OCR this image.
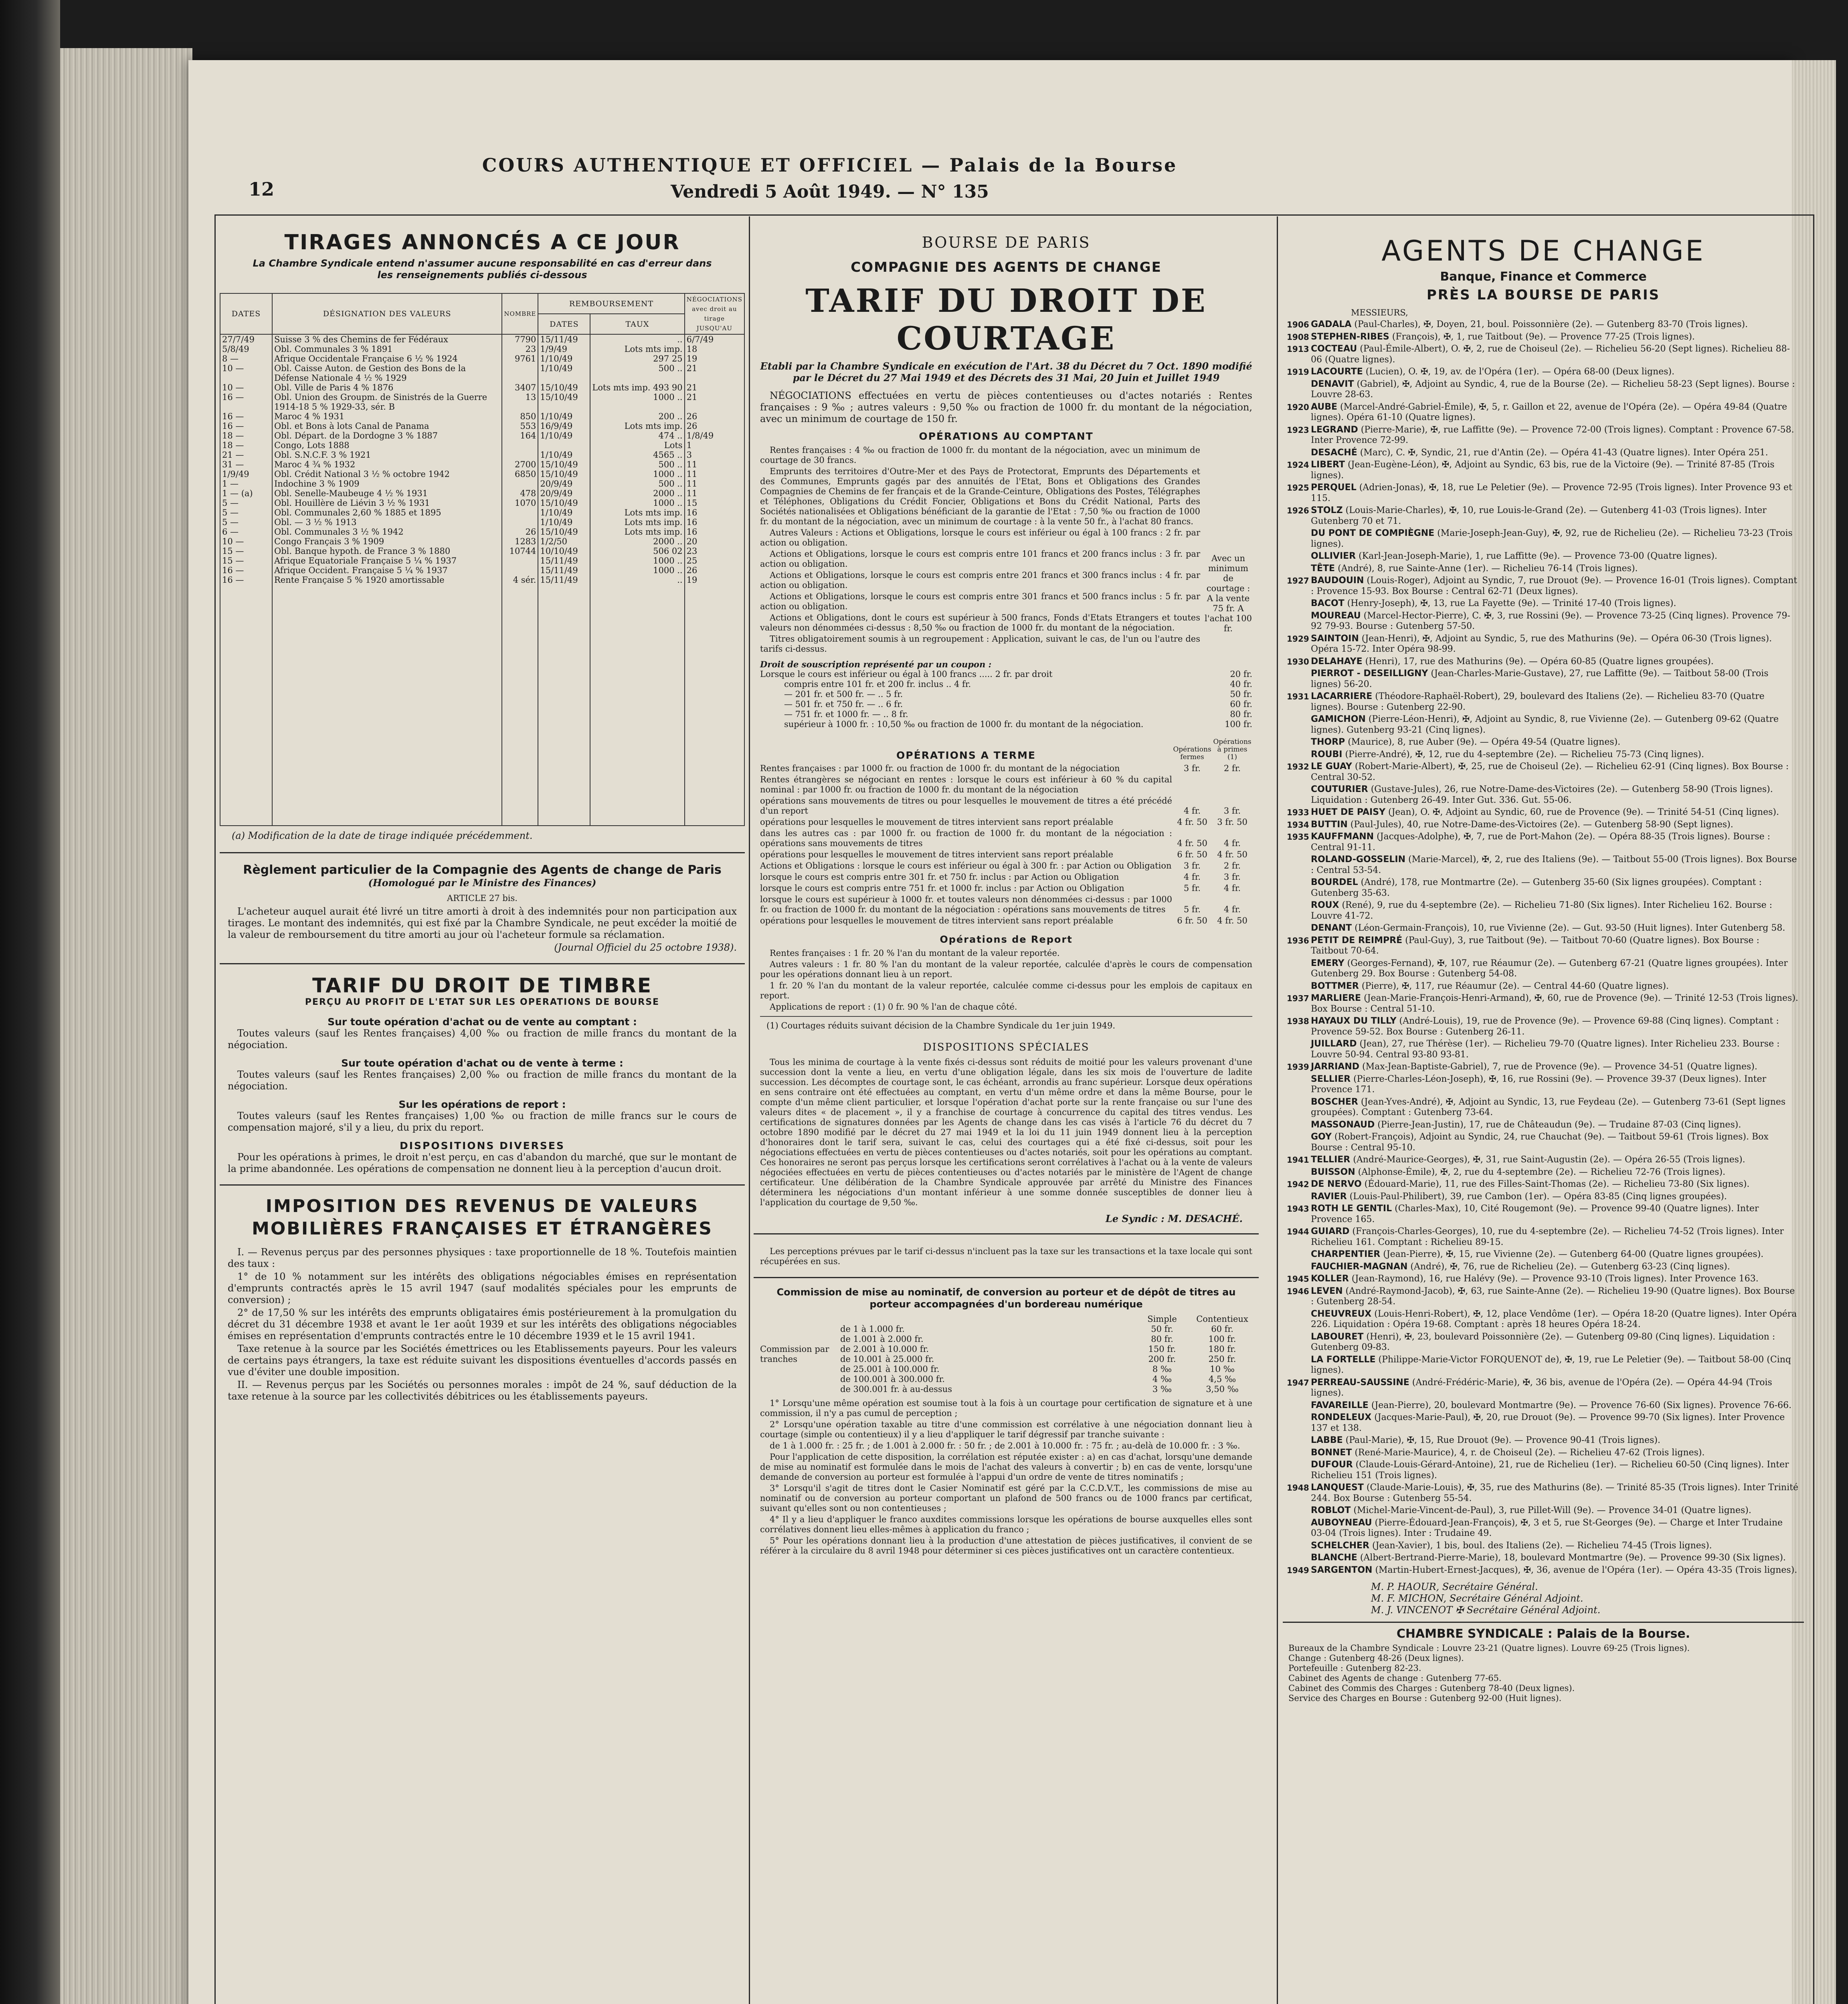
12
COURS AUTHENTIQUE ET OFFICIEL — Palais de la Bourse
Vendredi 5 Août 1949. — N° 135
TIRAGES ANNONCÉS A CE JOUR
La Chambre Syndicale entend n'assumer aucune responsabilité en cas d'erreur dans les renseignements publiés ci-dessous
DATES	DÉSIGNATION DES VALEURS	NOMBRE	REMBOURSEMENT		NÉGOCIATIONS avec droit au tirage JUSQU'AU
			DATES	TAUX	
27/7/49	Suisse 3 % des Chemins de fer Fédéraux	7790	15/11/49	..	6/7/49
5/8/49	Obl. Communales 3 % 1891	23	1/9/49	Lots mts imp.	18
8 —	Afrique Occidentale Française 6 ½ % 1924	9761	1/10/49	297 25	19
10 —	Obl. Caisse Auton. de Gestion des Bons de la Défense Nationale 4 ½ % 1929		1/10/49	500 ..	21
10 —	Obl. Ville de Paris 4 % 1876	3407	15/10/49	Lots mts imp. 493 90	21
16 —	Obl. Union des Groupm. de Sinistrés de la Guerre 1914-18 5 % 1929-33, sér. B	13	15/10/49	1000 ..	21
16 —	Maroc 4 % 1931	850	1/10/49	200 ..	26
16 —	Obl. et Bons à lots Canal de Panama	553	16/9/49	Lots mts imp.	26
18 —	Obl. Départ. de la Dordogne 3 % 1887	164	1/10/49	474 ..	1/8/49
18 —	Congo, Lots 1888			Lots	1
21 —	Obl. S.N.C.F. 3 % 1921		1/10/49	4565 ..	3
31 —	Maroc 4 ¾ % 1932	2700	15/10/49	500 ..	11
1/9/49	Obl. Crédit National 3 ½ % octobre 1942	6850	15/10/49	1000 ..	11
1 —	Indochine 3 % 1909		20/9/49	500 ..	11
1 — (a)	Obl. Senelle-Maubeuge 4 ½ % 1931	478	20/9/49	2000 ..	11
5 —	Obl. Houillère de Liévin 3 ½ % 1931	1070	15/10/49	1000 ..	15
5 —	Obl. Communales 2,60 % 1885 et 1895		1/10/49	Lots mts imp.	16
5 —	Obl. — 3 ½ % 1913		1/10/49	Lots mts imp.	16
6 —	Obl. Communales 3 ½ % 1942	26	15/10/49	Lots mts imp.	16
10 —	Congo Français 3 % 1909	1283	1/2/50	2000 ..	20
15 —	Obl. Banque hypoth. de France 3 % 1880	10744	10/10/49	506 02	23
15 —	Afrique Equatoriale Française 5 ¼ % 1937		15/11/49	1000 ..	25
16 —	Afrique Occident. Française 5 ¼ % 1937		15/11/49	1000 ..	26
16 —	Rente Française 5 % 1920 amortissable	4 sér.	15/11/49	..	19

(a) Modification de la date de tirage indiquée précédemment.
Règlement particulier de la Compagnie des Agents de change de Paris
(Homologué par le Ministre des Finances)
ARTICLE 27 bis.

L'acheteur auquel aurait été livré un titre amorti à droit à des indemnités pour non participation aux tirages. Le montant des indemnités, qui est fixé par la Chambre Syndicale, ne peut excéder la moitié de la valeur de remboursement du titre amorti au jour où l'acheteur formule sa réclamation.

(Journal Officiel du 25 octobre 1938).
TARIF DU DROIT DE TIMBRE
PERÇU AU PROFIT DE L'ETAT SUR LES OPERATIONS DE BOURSE
Sur toute opération d'achat ou de vente au comptant :

Toutes valeurs (sauf les Rentes françaises) 4,00 ‰ ou fraction de mille francs du montant de la négociation.

Sur toute opération d'achat ou de vente à terme :

Toutes valeurs (sauf les Rentes françaises) 2,00 ‰ ou fraction de mille francs du montant de la négociation.

Sur les opérations de report :

Toutes valeurs (sauf les Rentes françaises) 1,00 ‰ ou fraction de mille francs sur le cours de compensation majoré, s'il y a lieu, du prix du report.

DISPOSITIONS DIVERSES

Pour les opérations à primes, le droit n'est perçu, en cas d'abandon du marché, que sur le montant de la prime abandonnée. Les opérations de compensation ne donnent lieu à la perception d'aucun droit.

IMPOSITION DES REVENUS DE VALEURS MOBILIÈRES FRANÇAISES ET ÉTRANGÈRES

I. — Revenus perçus par des personnes physiques : taxe proportionnelle de 18 %. Toutefois maintien des taux :

1° de 10 % notamment sur les intérêts des obligations négociables émises en représentation d'emprunts contractés après le 15 avril 1947 (sauf modalités spéciales pour les emprunts de conversion) ;

2° de 17,50 % sur les intérêts des emprunts obligataires émis postérieurement à la promulgation du décret du 31 décembre 1938 et avant le 1er août 1939 et sur les intérêts des obligations négociables émises en représentation d'emprunts contractés entre le 10 décembre 1939 et le 15 avril 1941.

Taxe retenue à la source par les Sociétés émettrices ou les Etablissements payeurs. Pour les valeurs de certains pays étrangers, la taxe est réduite suivant les dispositions éventuelles d'accords passés en vue d'éviter une double imposition.

II. — Revenus perçus par les Sociétés ou personnes morales : impôt de 24 %, sauf déduction de la taxe retenue à la source par les collectivités débitrices ou les établissements payeurs.

BOURSE DE PARIS
COMPAGNIE DES AGENTS DE CHANGE
TARIF DU DROIT DE COURTAGE
Etabli par la Chambre Syndicale en exécution de l'Art. 38 du Décret du 7 Oct. 1890 modifié par le Décret du 27 Mai 1949 et des Décrets des 31 Mai, 20 Juin et Juillet 1949

NÉGOCIATIONS effectuées en vertu de pièces contentieuses ou d'actes notariés : Rentes françaises : 9 ‰ ; autres valeurs : 9,50 ‰ ou fraction de 1000 fr. du montant de la négociation, avec un minimum de courtage de 150 fr.

OPÉRATIONS AU COMPTANT

Rentes françaises : 4 ‰ ou fraction de 1000 fr. du montant de la négociation, avec un minimum de courtage de 30 francs.

Emprunts des territoires d'Outre-Mer et des Pays de Protectorat, Emprunts des Départements et des Communes, Emprunts gagés par des annuités de l'Etat, Bons et Obligations des Grandes Compagnies de Chemins de fer français et de la Grande-Ceinture, Obligations des Postes, Télégraphes et Téléphones, Obligations du Crédit Foncier, Obligations et Bons du Crédit National, Parts des Sociétés nationalisées et Obligations bénéficiant de la garantie de l'Etat : 7,50 ‰ ou fraction de 1000 fr. du montant de la négociation, avec un minimum de courtage : à la vente 50 fr., à l'achat 80 francs.

Autres Valeurs : Actions et Obligations, lorsque le cours est inférieur ou égal à 100 francs : 2 fr. par action ou obligation.

Actions et Obligations, lorsque le cours est compris entre 101 francs et 200 francs inclus : 3 fr. par action ou obligation.

Actions et Obligations, lorsque le cours est compris entre 201 francs et 300 francs inclus : 4 fr. par action ou obligation.

Actions et Obligations, lorsque le cours est compris entre 301 francs et 500 francs inclus : 5 fr. par action ou obligation.

Actions et Obligations, dont le cours est supérieur à 500 francs, Fonds d'Etats Etrangers et toutes valeurs non dénommées ci-dessus : 8,50 ‰ ou fraction de 1000 fr. du montant de la négociation.

Titres obligatoirement soumis à un regroupement : Application, suivant le cas, de l'un ou l'autre des tarifs ci-dessus.

Avec un minimum de courtage : A la vente 75 fr. A l'achat 100 fr.
Droit de souscription représenté par un coupon :
Lorsque le cours est inférieur ou égal à 100 francs ..... 2 fr. par droit
compris entre 101 fr. et 200 fr. inclus .. 4 fr.
— 201 fr. et 500 fr. — .. 5 fr.
— 501 fr. et 750 fr. — .. 6 fr.
— 751 fr. et 1000 fr. — .. 8 fr.
supérieur à 1000 fr. : 10,50 ‰ ou fraction de 1000 fr. du montant de la négociation.
20 fr.
40 fr.
50 fr.
60 fr.
80 fr.
100 fr.
OPÉRATIONS A TERME	Opérations fermes
Opérations à primes (1)
Rentes françaises : par 1000 fr. ou fraction de 1000 fr. du montant de la négociation	3 fr.	2 fr.
Rentes étrangères se négociant en rentes : lorsque le cours est inférieur à 60 % du capital nominal : par 1000 fr. ou fraction de 1000 fr. du montant de la négociation
opérations sans mouvements de titres ou pour lesquelles le mouvement de titres a été précédé d'un report	4 fr.	3 fr.
opérations pour lesquelles le mouvement de titres intervient sans report préalable	4 fr. 50	3 fr. 50
dans les autres cas : par 1000 fr. ou fraction de 1000 fr. du montant de la négociation : opérations sans mouvements de titres	4 fr. 50	4 fr.
opérations pour lesquelles le mouvement de titres intervient sans report préalable	6 fr. 50	4 fr. 50
Actions et Obligations : lorsque le cours est inférieur ou égal à 300 fr. : par Action ou Obligation	3 fr.	2 fr.
lorsque le cours est compris entre 301 fr. et 750 fr. inclus : par Action ou Obligation	4 fr.	3 fr.
lorsque le cours est compris entre 751 fr. et 1000 fr. inclus : par Action ou Obligation	5 fr.	4 fr.
lorsque le cours est supérieur à 1000 fr. et toutes valeurs non dénommées ci-dessus : par 1000 fr. ou fraction de 1000 fr. du montant de la négociation : opérations sans mouvements de titres	5 fr.	4 fr.
opérations pour lesquelles le mouvement de titres intervient sans report préalable	6 fr. 50	4 fr. 50
Opérations de Report

Rentes françaises : 1 fr. 20 % l'an du montant de la valeur reportée.

Autres valeurs : 1 fr. 80 % l'an du montant de la valeur reportée, calculée d'après le cours de compensation pour les opérations donnant lieu à un report.

1 fr. 20 % l'an du montant de la valeur reportée, calculée comme ci-dessus pour les emplois de capitaux en report.

Applications de report : (1) 0 fr. 90 % l'an de chaque côté.

(1) Courtages réduits suivant décision de la Chambre Syndicale du 1er juin 1949.
DISPOSITIONS SPÉCIALES

Tous les minima de courtage à la vente fixés ci-dessus sont réduits de moitié pour les valeurs provenant d'une succession dont la vente a lieu, en vertu d'une obligation légale, dans les six mois de l'ouverture de ladite succession. Les décomptes de courtage sont, le cas échéant, arrondis au franc supérieur. Lorsque deux opérations en sens contraire ont été effectuées au comptant, en vertu d'un même ordre et dans la même Bourse, pour le compte d'un même client particulier, et lorsque l'opération d'achat porte sur la rente française ou sur l'une des valeurs dites « de placement », il y a franchise de courtage à concurrence du capital des titres vendus. Les certifications de signatures données par les Agents de change dans les cas visés à l'article 76 du décret du 7 octobre 1890 modifié par le décret du 27 mai 1949 et la loi du 11 juin 1949 donnent lieu à la perception d'honoraires dont le tarif sera, suivant le cas, celui des courtages qui a été fixé ci-dessus, soit pour les négociations effectuées en vertu de pièces contentieuses ou d'actes notariés, soit pour les opérations au comptant. Ces honoraires ne seront pas perçus lorsque les certifications seront corrélatives à l'achat ou à la vente de valeurs négociées effectuées en vertu de pièces contentieuses ou d'actes notariés par le ministère de l'Agent de change certificateur. Une délibération de la Chambre Syndicale approuvée par arrêté du Ministre des Finances déterminera les négociations d'un montant inférieur à une somme donnée susceptibles de donner lieu à l'application du courtage de 9,50 ‰.

Le Syndic : M. DESACHÉ.

Les perceptions prévues par le tarif ci-dessus n'incluent pas la taxe sur les transactions et la taxe locale qui sont récupérées en sus.

Commission de mise au nominatif, de conversion au porteur et de dépôt de titres au porteur accompagnées d'un bordereau numérique
Commission par tranches
Simple	Contentieux
de 1 à 1.000 fr.	50 fr.	60 fr.
de 1.001 à 2.000 fr.	80 fr.	100 fr.
de 2.001 à 10.000 fr.	150 fr.	180 fr.
de 10.001 à 25.000 fr.	200 fr.	250 fr.
de 25.001 à 100.000 fr.	8 ‰	10 ‰
de 100.001 à 300.000 fr.	4 ‰	4,5 ‰
de 300.001 fr. à au-dessus	3 ‰	3,50 ‰

1° Lorsqu'une même opération est soumise tout à la fois à un courtage pour certification de signature et à une commission, il n'y a pas cumul de perception ;

2° Lorsqu'une opération taxable au titre d'une commission est corrélative à une négociation donnant lieu à courtage (simple ou contentieux) il y a lieu d'appliquer le tarif dégressif par tranche suivante :

de 1 à 1.000 fr. : 25 fr. ; de 1.001 à 2.000 fr. : 50 fr. ; de 2.001 à 10.000 fr. : 75 fr. ; au-delà de 10.000 fr. : 3 ‰.

Pour l'application de cette disposition, la corrélation est réputée exister : a) en cas d'achat, lorsqu'une demande de mise au nominatif est formulée dans le mois de l'achat des valeurs à convertir ; b) en cas de vente, lorsqu'une demande de conversion au porteur est formulée à l'appui d'un ordre de vente de titres nominatifs ;

3° Lorsqu'il s'agit de titres dont le Casier Nominatif est géré par la C.C.D.V.T., les commissions de mise au nominatif ou de conversion au porteur comportant un plafond de 500 francs ou de 1000 francs par certificat, suivant qu'elles sont ou non contentieuses ;

4° Il y a lieu d'appliquer le franco auxdites commissions lorsque les opérations de bourse auxquelles elles sont corrélatives donnent lieu elles-mêmes à application du franco ;

5° Pour les opérations donnant lieu à la production d'une attestation de pièces justificatives, il convient de se référer à la circulaire du 8 avril 1948 pour déterminer si ces pièces justificatives ont un caractère contentieux.

AGENTS DE CHANGE
Banque, Finance et Commerce
PRÈS LA BOURSE DE PARIS
MESSIEURS,
1906 GADALA (Paul-Charles), ✠, Doyen, 21, boul. Poissonnière (2e). — Gutenberg 83-70 (Trois lignes).
1908 STEPHEN-RIBES (François), ✠, 1, rue Taitbout (9e). — Provence 77-25 (Trois lignes).
1913 COCTEAU (Paul-Émile-Albert), O. ✠, 2, rue de Choiseul (2e). — Richelieu 56-20 (Sept lignes). Richelieu 88-06 (Quatre lignes).
1919 LACOURTE (Lucien), O. ✠, 19, av. de l'Opéra (1er). — Opéra 68-00 (Deux lignes).
DENAVIT (Gabriel), ✠, Adjoint au Syndic, 4, rue de la Bourse (2e). — Richelieu 58-23 (Sept lignes). Bourse : Louvre 28-63.
1920 AUBE (Marcel-André-Gabriel-Émile), ✠, 5, r. Gaillon et 22, avenue de l'Opéra (2e). — Opéra 49-84 (Quatre lignes). Opéra 61-10 (Quatre lignes).
1923 LEGRAND (Pierre-Marie), ✠, rue Laffitte (9e). — Provence 72-00 (Trois lignes). Comptant : Provence 67-58. Inter Provence 72-99.
DESACHÉ (Marc), C. ✠, Syndic, 21, rue d'Antin (2e). — Opéra 41-43 (Quatre lignes). Inter Opéra 251.
1924 LIBERT (Jean-Eugène-Léon), ✠, Adjoint au Syndic, 63 bis, rue de la Victoire (9e). — Trinité 87-85 (Trois lignes).
1925 PERQUEL (Adrien-Jonas), ✠, 18, rue Le Peletier (9e). — Provence 72-95 (Trois lignes). Inter Provence 93 et 115.
1926 STOLZ (Louis-Marie-Charles), ✠, 10, rue Louis-le-Grand (2e). — Gutenberg 41-03 (Trois lignes). Inter Gutenberg 70 et 71.
DU PONT DE COMPIÈGNE (Marie-Joseph-Jean-Guy), ✠, 92, rue de Richelieu (2e). — Richelieu 73-23 (Trois lignes).
OLLIVIER (Karl-Jean-Joseph-Marie), 1, rue Laffitte (9e). — Provence 73-00 (Quatre lignes).
TÊTE (André), 8, rue Sainte-Anne (1er). — Richelieu 76-14 (Trois lignes).
1927 BAUDOUIN (Louis-Roger), Adjoint au Syndic, 7, rue Drouot (9e). — Provence 16-01 (Trois lignes). Comptant : Provence 15-93. Box Bourse : Central 62-71 (Deux lignes).
BACOT (Henry-Joseph), ✠, 13, rue La Fayette (9e). — Trinité 17-40 (Trois lignes).
MOUREAU (Marcel-Hector-Pierre), C. ✠, 3, rue Rossini (9e). — Provence 73-25 (Cinq lignes). Provence 79-92 79-93. Bourse : Gutenberg 57-50.
1929 SAINTOIN (Jean-Henri), ✠, Adjoint au Syndic, 5, rue des Mathurins (9e). — Opéra 06-30 (Trois lignes). Opéra 15-72. Inter Opéra 98-99.
1930 DELAHAYE (Henri), 17, rue des Mathurins (9e). — Opéra 60-85 (Quatre lignes groupées).
PIERROT - DESEILLIGNY (Jean-Charles-Marie-Gustave), 27, rue Laffitte (9e). — Taitbout 58-00 (Trois lignes) 56-20.
1931 LACARRIERE (Théodore-Raphaël-Robert), 29, boulevard des Italiens (2e). — Richelieu 83-70 (Quatre lignes). Bourse : Gutenberg 22-90.
GAMICHON (Pierre-Léon-Henri), ✠, Adjoint au Syndic, 8, rue Vivienne (2e). — Gutenberg 09-62 (Quatre lignes). Gutenberg 93-21 (Cinq lignes).
THORP (Maurice), 8, rue Auber (9e). — Opéra 49-54 (Quatre lignes).
ROUBI (Pierre-André), ✠, 12, rue du 4-septembre (2e). — Richelieu 75-73 (Cinq lignes).
1932 LE GUAY (Robert-Marie-Albert), ✠, 25, rue de Choiseul (2e). — Richelieu 62-91 (Cinq lignes). Box Bourse : Central 30-52.
COUTURIER (Gustave-Jules), 26, rue Notre-Dame-des-Victoires (2e). — Gutenberg 58-90 (Trois lignes). Liquidation : Gutenberg 26-49. Inter Gut. 336. Gut. 55-06.
1933 HUET DE PAISY (Jean), O. ✠, Adjoint au Syndic, 60, rue de Provence (9e). — Trinité 54-51 (Cinq lignes).
1934 BUTTIN (Paul-Jules), 40, rue Notre-Dame-des-Victoires (2e). — Gutenberg 58-90 (Sept lignes).
1935 KAUFFMANN (Jacques-Adolphe), ✠, 7, rue de Port-Mahon (2e). — Opéra 88-35 (Trois lignes). Bourse : Central 91-11.
ROLAND-GOSSELIN (Marie-Marcel), ✠, 2, rue des Italiens (9e). — Taitbout 55-00 (Trois lignes). Box Bourse : Central 53-54.
BOURDEL (André), 178, rue Montmartre (2e). — Gutenberg 35-60 (Six lignes groupées). Comptant : Gutenberg 35-63.
ROUX (René), 9, rue du 4-septembre (2e). — Richelieu 71-80 (Six lignes). Inter Richelieu 162. Bourse : Louvre 41-72.
DENANT (Léon-Germain-François), 10, rue Vivienne (2e). — Gut. 93-50 (Huit lignes). Inter Gutenberg 58.
1936 PETIT DE REIMPRÉ (Paul-Guy), 3, rue Taitbout (9e). — Taitbout 70-60 (Quatre lignes). Box Bourse : Taitbout 70-64.
EMERY (Georges-Fernand), ✠, 107, rue Réaumur (2e). — Gutenberg 67-21 (Quatre lignes groupées). Inter Gutenberg 29. Box Bourse : Gutenberg 54-08.
BOTTMER (Pierre), ✠, 117, rue Réaumur (2e). — Central 44-60 (Quatre lignes).
1937 MARLIERE (Jean-Marie-François-Henri-Armand), ✠, 60, rue de Provence (9e). — Trinité 12-53 (Trois lignes). Box Bourse : Central 51-10.
1938 HAYAUX DU TILLY (André-Louis), 19, rue de Provence (9e). — Provence 69-88 (Cinq lignes). Comptant : Provence 59-52. Box Bourse : Gutenberg 26-11.
JUILLARD (Jean), 27, rue Thérèse (1er). — Richelieu 79-70 (Quatre lignes). Inter Richelieu 233. Bourse : Louvre 50-94. Central 93-80 93-81.
1939 JARRIAND (Max-Jean-Baptiste-Gabriel), 7, rue de Provence (9e). — Provence 34-51 (Quatre lignes).
SELLIER (Pierre-Charles-Léon-Joseph), ✠, 16, rue Rossini (9e). — Provence 39-37 (Deux lignes). Inter Provence 171.
BOSCHER (Jean-Yves-André), ✠, Adjoint au Syndic, 13, rue Feydeau (2e). — Gutenberg 73-61 (Sept lignes groupées). Comptant : Gutenberg 73-64.
MASSONAUD (Pierre-Jean-Justin), 17, rue de Châteaudun (9e). — Trudaine 87-03 (Cinq lignes).
GOY (Robert-François), Adjoint au Syndic, 24, rue Chauchat (9e). — Taitbout 59-61 (Trois lignes). Box Bourse : Central 95-10.
1941 TELLIER (André-Maurice-Georges), ✠, 31, rue Saint-Augustin (2e). — Opéra 26-55 (Trois lignes).
BUISSON (Alphonse-Émile), ✠, 2, rue du 4-septembre (2e). — Richelieu 72-76 (Trois lignes).
1942 DE NERVO (Édouard-Marie), 11, rue des Filles-Saint-Thomas (2e). — Richelieu 73-80 (Six lignes).
RAVIER (Louis-Paul-Philibert), 39, rue Cambon (1er). — Opéra 83-85 (Cinq lignes groupées).
1943 ROTH LE GENTIL (Charles-Max), 10, Cité Rougemont (9e). — Provence 99-40 (Quatre lignes). Inter Provence 165.
1944 GUIARD (François-Charles-Georges), 10, rue du 4-septembre (2e). — Richelieu 74-52 (Trois lignes). Inter Richelieu 161. Comptant : Richelieu 89-15.
CHARPENTIER (Jean-Pierre), ✠, 15, rue Vivienne (2e). — Gutenberg 64-00 (Quatre lignes groupées).
FAUCHIER-MAGNAN (André), ✠, 76, rue de Richelieu (2e). — Gutenberg 63-23 (Cinq lignes).
1945 KOLLER (Jean-Raymond), 16, rue Halévy (9e). — Provence 93-10 (Trois lignes). Inter Provence 163.
1946 LEVEN (André-Raymond-Jacob), ✠, 63, rue Sainte-Anne (2e). — Richelieu 19-90 (Quatre lignes). Box Bourse : Gutenberg 28-54.
CHEUVREUX (Louis-Henri-Robert), ✠, 12, place Vendôme (1er). — Opéra 18-20 (Quatre lignes). Inter Opéra 226. Liquidation : Opéra 19-68. Comptant : après 18 heures Opéra 18-24.
LABOURET (Henri), ✠, 23, boulevard Poissonnière (2e). — Gutenberg 09-80 (Cinq lignes). Liquidation : Gutenberg 09-83.
LA FORTELLE (Philippe-Marie-Victor FORQUENOT de), ✠, 19, rue Le Peletier (9e). — Taitbout 58-00 (Cinq lignes).
1947 PERREAU-SAUSSINE (André-Frédéric-Marie), ✠, 36 bis, avenue de l'Opéra (2e). — Opéra 44-94 (Trois lignes).
FAVAREILLE (Jean-Pierre), 20, boulevard Montmartre (9e). — Provence 76-60 (Six lignes). Provence 76-66.
RONDELEUX (Jacques-Marie-Paul), ✠, 20, rue Drouot (9e). — Provence 99-70 (Six lignes). Inter Provence 137 et 138.
LABBE (Paul-Marie), ✠, 15, Rue Drouot (9e). — Provence 90-41 (Trois lignes).
BONNET (René-Marie-Maurice), 4, r. de Choiseul (2e). — Richelieu 47-62 (Trois lignes).
DUFOUR (Claude-Louis-Gérard-Antoine), 21, rue de Richelieu (1er). — Richelieu 60-50 (Cinq lignes). Inter Richelieu 151 (Trois lignes).
1948 LANQUEST (Claude-Marie-Louis), ✠, 35, rue des Mathurins (8e). — Trinité 85-35 (Trois lignes). Inter Trinité 244. Box Bourse : Gutenberg 55-54.
ROBLOT (Michel-Marie-Vincent-de-Paul), 3, rue Pillet-Will (9e). — Provence 34-01 (Quatre lignes).
AUBOYNEAU (Pierre-Édouard-Jean-François), ✠, 3 et 5, rue St-Georges (9e). — Charge et Inter Trudaine 03-04 (Trois lignes). Inter : Trudaine 49.
SCHELCHER (Jean-Xavier), 1 bis, boul. des Italiens (2e). — Richelieu 74-45 (Trois lignes).
BLANCHE (Albert-Bertrand-Pierre-Marie), 18, boulevard Montmartre (9e). — Provence 99-30 (Six lignes).
1949 SARGENTON (Martin-Hubert-Ernest-Jacques), ✠, 36, avenue de l'Opéra (1er). — Opéra 43-35 (Trois lignes).
M. P. HAOUR, Secrétaire Général.
M. F. MICHON, Secrétaire Général Adjoint.
M. J. VINCENOT ✠ Secrétaire Général Adjoint.
CHAMBRE SYNDICALE : Palais de la Bourse.
Bureaux de la Chambre Syndicale : Louvre 23-21 (Quatre lignes). Louvre 69-25 (Trois lignes).
Change : Gutenberg 48-26 (Deux lignes).
Portefeuille : Gutenberg 82-23.
Cabinet des Agents de change : Gutenberg 77-65.
Cabinet des Commis des Charges : Gutenberg 78-40 (Deux lignes).
Service des Charges en Bourse : Gutenberg 92-00 (Huit lignes).
